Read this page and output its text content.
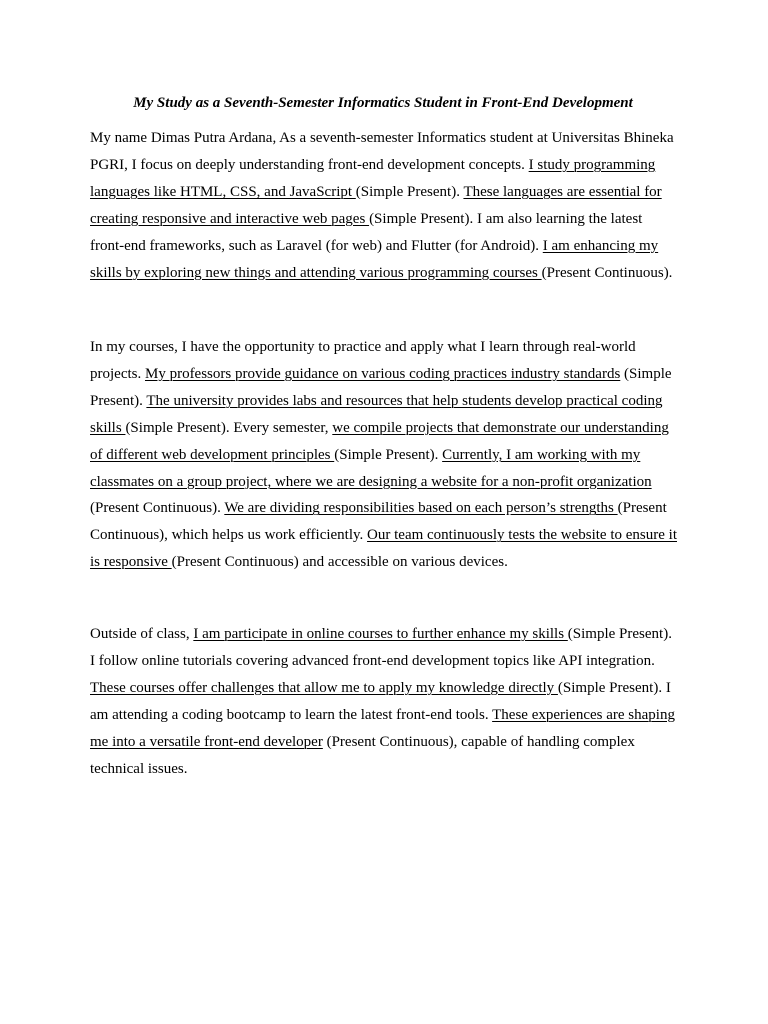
My Study as a Seventh-Semester Informatics Student in Front-End Development

My name Dimas Putra Ardana, As a seventh-semester Informatics student at Universitas Bhineka PGRI, I focus on deeply understanding front-end development concepts. I study programming languages like HTML, CSS, and JavaScript (Simple Present). These languages are essential for creating responsive and interactive web pages (Simple Present). I am also learning the latest front-end frameworks, such as Laravel (for web) and Flutter (for Android). I am enhancing my skills by exploring new things and attending various programming courses (Present Continuous).

In my courses, I have the opportunity to practice and apply what I learn through real-world projects. My professors provide guidance on various coding practices industry standards (Simple Present). The university provides labs and resources that help students develop practical coding skills (Simple Present). Every semester, we compile projects that demonstrate our understanding of different web development principles (Simple Present). Currently, I am working with my classmates on a group project, where we are designing a website for a non-profit organization (Present Continuous). We are dividing responsibilities based on each person’s strengths (Present Continuous), which helps us work efficiently. Our team continuously tests the website to ensure it is responsive (Present Continuous) and accessible on various devices.

Outside of class, I am participate in online courses to further enhance my skills (Simple Present). I follow online tutorials covering advanced front-end development topics like API integration. These courses offer challenges that allow me to apply my knowledge directly (Simple Present). I am attending a coding bootcamp to learn the latest front-end tools. These experiences are shaping me into a versatile front-end developer (Present Continuous), capable of handling complex technical issues.
